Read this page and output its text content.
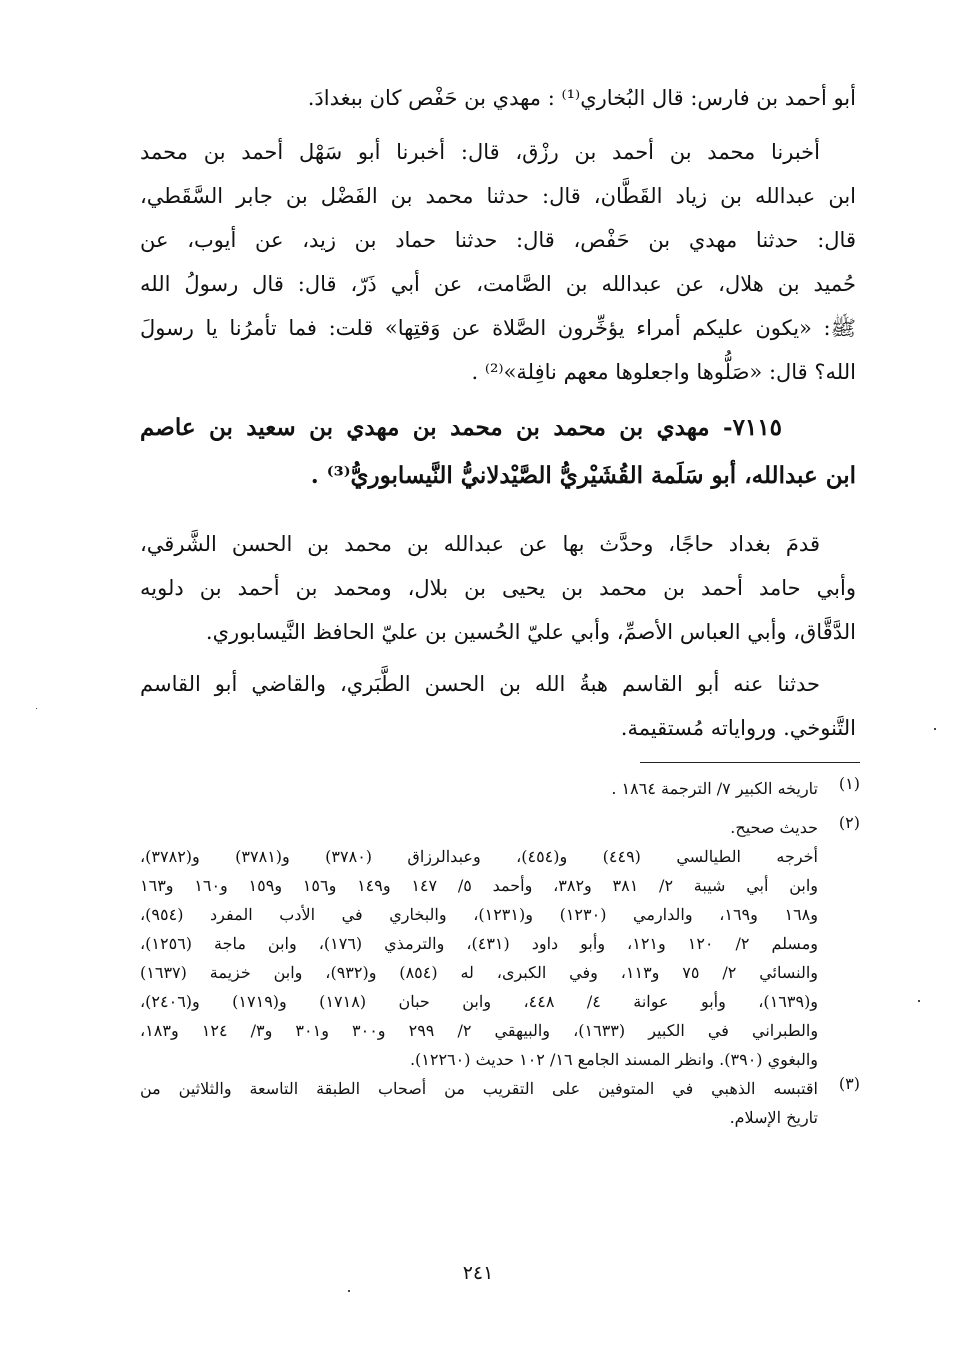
أبو أحمد بن فارس: قال البُخاري⁽¹⁾ : مهدي بن حَفْص كان ببغدادَ.
أخبرنا محمد بن أحمد بن رزْق، قال: أخبرنا أبو سَهْل أحمد بن محمد
ابن عبدالله بن زياد القَطَّان، قال: حدثنا محمد بن الفَضْل بن جابر السَّقَطي،
قال: حدثنا مهدي بن حَفْص، قال: حدثنا حماد بن زيد، عن أيوب، عن
حُميد بن هلال، عن عبدالله بن الصَّامت، عن أبي ذَرّ، قال: قال رسولُ الله
ﷺ: «يكون عليكم أمراء يؤخِّرون الصَّلاة عن وَقتِها» قلت: فما تأمرُنا يا رسولَ
الله؟ قال: «صَلُّوها واجعلوها معهم نافِلة»⁽²⁾ .
٧١١٥- مهدي بن محمد بن محمد بن مهدي بن سعيد بن عاصم
ابن عبدالله، أبو سَلَمة القُشَيْريُّ الصَّيْدلانيُّ النَّيسابوريُّ⁽³⁾ .
قدمَ بغداد حاجًا، وحدَّث بها عن عبدالله بن محمد بن الحسن الشَّرقي،
وأبي حامد أحمد بن محمد بن يحيى بن بلال، ومحمد بن أحمد بن دلويه
الدَّقَّاق، وأبي العباس الأصمِّ، وأبي عليّ الحُسين بن عليّ الحافظ النَّيسابوري.
حدثنا عنه أبو القاسم هبةُ الله بن الحسن الطَّبَري، والقاضي أبو القاسم
التَّنوخي. ورواياته مُستقيمة.
(١)
تاريخه الكبير ٧/ الترجمة ١٨٦٤ .
(٢)
حديث صحيح.
أخرجه الطيالسي (٤٤٩) و(٤٥٤)، وعبدالرزاق (٣٧٨٠) و(٣٧٨١) و(٣٧٨٢)،
وابن أبي شيبة ٢/ ٣٨١ و٣٨٢، وأحمد ٥/ ١٤٧ و١٤٩ و١٥٦ و١٥٩ و١٦٠ و١٦٣
و١٦٨ و١٦٩، والدارمي (١٢٣٠) و(١٢٣١)، والبخاري في الأدب المفرد (٩٥٤)،
ومسلم ٢/ ١٢٠ و١٢١، وأبو داود (٤٣١)، والترمذي (١٧٦)، وابن ماجة (١٢٥٦)،
والنسائي ٢/ ٧٥ و١١٣، وفي الكبرى، له (٨٥٤) و(٩٣٢)، وابن خزيمة (١٦٣٧)
و(١٦٣٩)، وأبو عوانة ٤/ ٤٤٨، وابن حبان (١٧١٨) و(١٧١٩) و(٢٤٠٦)،
والطبراني في الكبير (١٦٣٣)، والبيهقي ٢/ ٢٩٩ و٣٠٠ و٣٠١ و٣/ ١٢٤ و١٨٣،
والبغوي (٣٩٠). وانظر المسند الجامع ١٦/ ١٠٢ حديث (١٢٢٦٠).
(٣)
اقتبسه الذهبي في المتوفين على التقريب من أصحاب الطبقة التاسعة والثلاثين من
تاريخ الإسلام.
٢٤١
